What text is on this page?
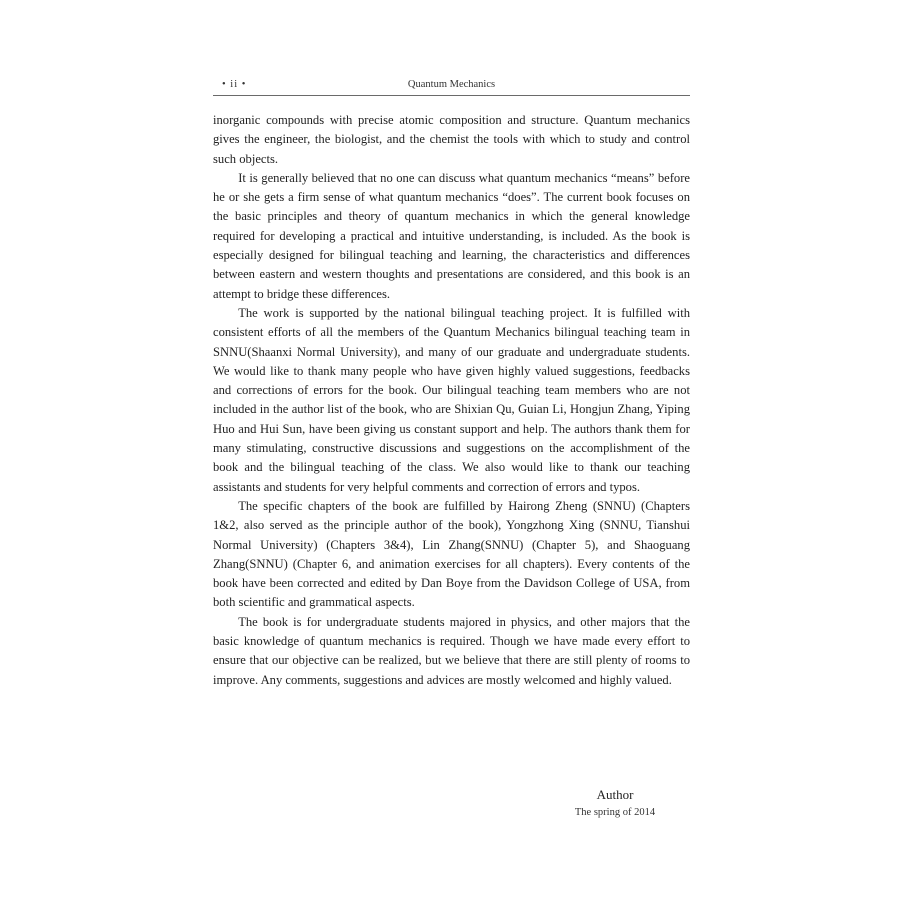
• ii •	Quantum Mechanics

inorganic compounds with precise atomic composition and structure. Quantum mechanics gives the engineer, the biologist, and the chemist the tools with which to study and control such objects.

It is generally believed that no one can discuss what quantum mechanics “means” before he or she gets a firm sense of what quantum mechanics “does”. The current book focuses on the basic principles and theory of quantum mechanics in which the general knowledge required for developing a practical and intuitive understanding, is included. As the book is especially designed for bilingual teaching and learning, the characteristics and differences between eastern and western thoughts and presentations are considered, and this book is an attempt to bridge these differences.

The work is supported by the national bilingual teaching project. It is fulfilled with consistent efforts of all the members of the Quantum Mechanics bilingual teaching team in SNNU(Shaanxi Normal University), and many of our graduate and undergraduate students. We would like to thank many people who have given highly valued suggestions, feedbacks and corrections of errors for the book. Our bilingual teaching team members who are not included in the author list of the book, who are Shixian Qu, Guian Li, Hongjun Zhang, Yiping Huo and Hui Sun, have been giving us constant support and help. The authors thank them for many stimulating, constructive discussions and suggestions on the accomplishment of the book and the bilingual teaching of the class. We also would like to thank our teaching assistants and students for very helpful comments and correction of errors and typos.

The specific chapters of the book are fulfilled by Hairong Zheng (SNNU) (Chapters 1&2, also served as the principle author of the book), Yongzhong Xing (SNNU, Tianshui Normal University) (Chapters 3&4), Lin Zhang(SNNU) (Chapter 5), and Shaoguang Zhang(SNNU) (Chapter 6, and animation exercises for all chapters). Every contents of the book have been corrected and edited by Dan Boye from the Davidson College of USA, from both scientific and grammatical aspects.

The book is for undergraduate students majored in physics, and other majors that the basic knowledge of quantum mechanics is required. Though we have made every effort to ensure that our objective can be realized, but we believe that there are still plenty of rooms to improve. Any comments, suggestions and advices are mostly welcomed and highly valued.

Author
The spring of 2014
